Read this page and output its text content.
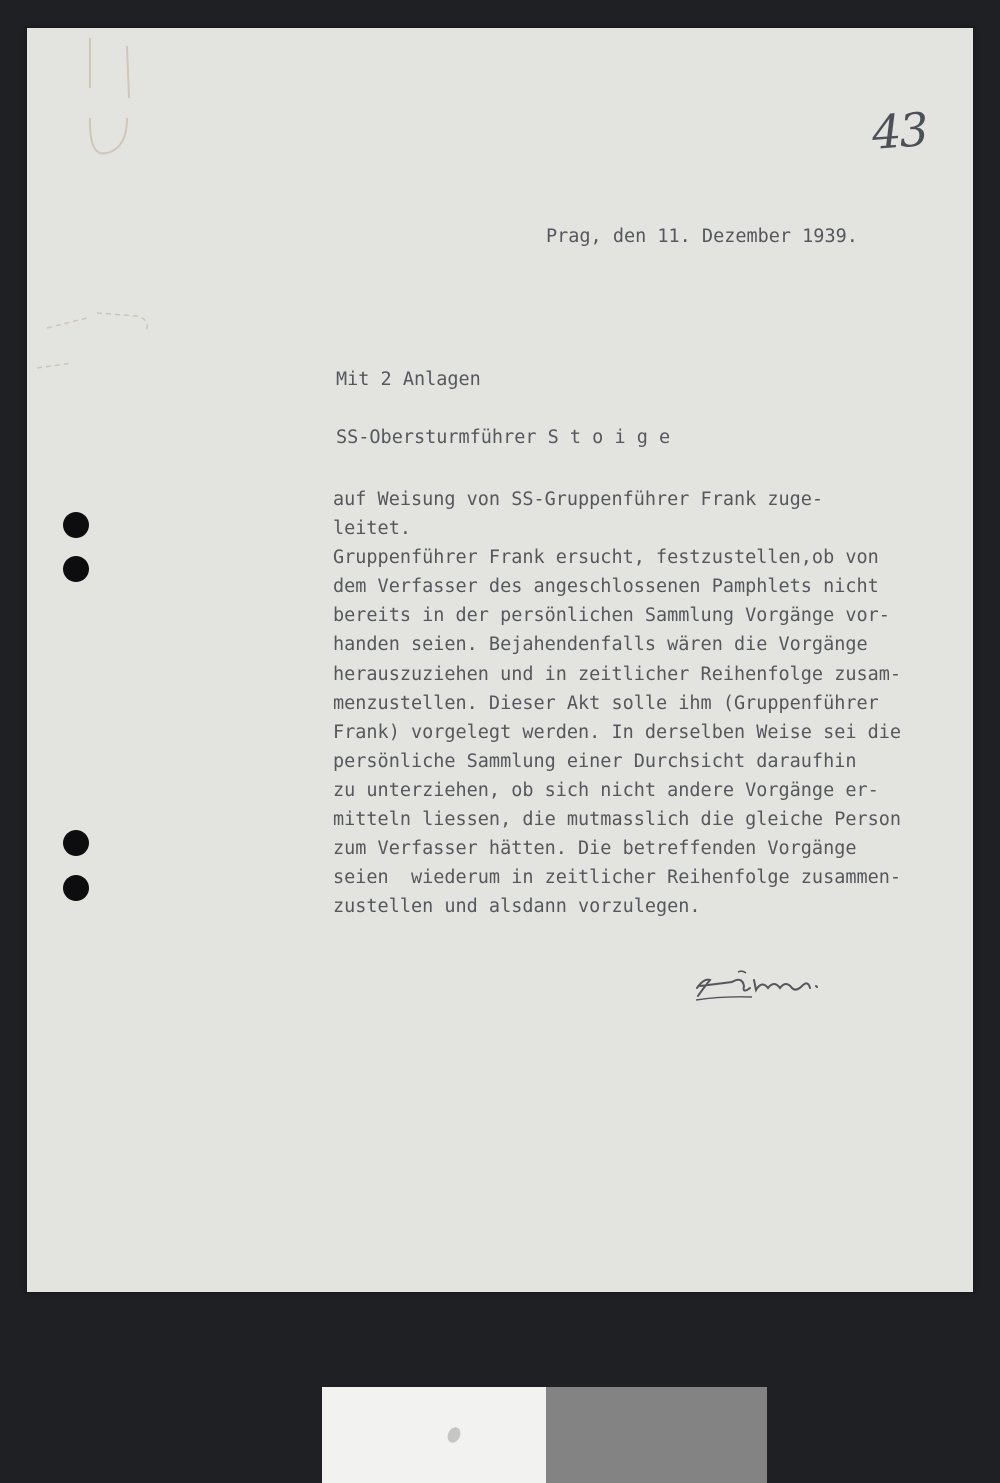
43
Prag, den 11. Dezember 1939.
Mit 2 Anlagen
SS-Obersturmführer S t o i g e
auf Weisung von SS-Gruppenführer Frank zuge-
leitet.
Gruppenführer Frank ersucht, festzustellen,ob von
dem Verfasser des angeschlossenen Pamphlets nicht
bereits in der persönlichen Sammlung Vorgänge vor-
handen seien. Bejahendenfalls wären die Vorgänge
herauszuziehen und in zeitlicher Reihenfolge zusam-
menzustellen. Dieser Akt solle ihm (Gruppenführer
Frank) vorgelegt werden. In derselben Weise sei die
persönliche Sammlung einer Durchsicht daraufhin
zu unterziehen, ob sich nicht andere Vorgänge er-
mitteln liessen, die mutmasslich die gleiche Person
zum Verfasser hätten. Die betreffenden Vorgänge
seien  wiederum in zeitlicher Reihenfolge zusammen-
zustellen und alsdann vorzulegen.
